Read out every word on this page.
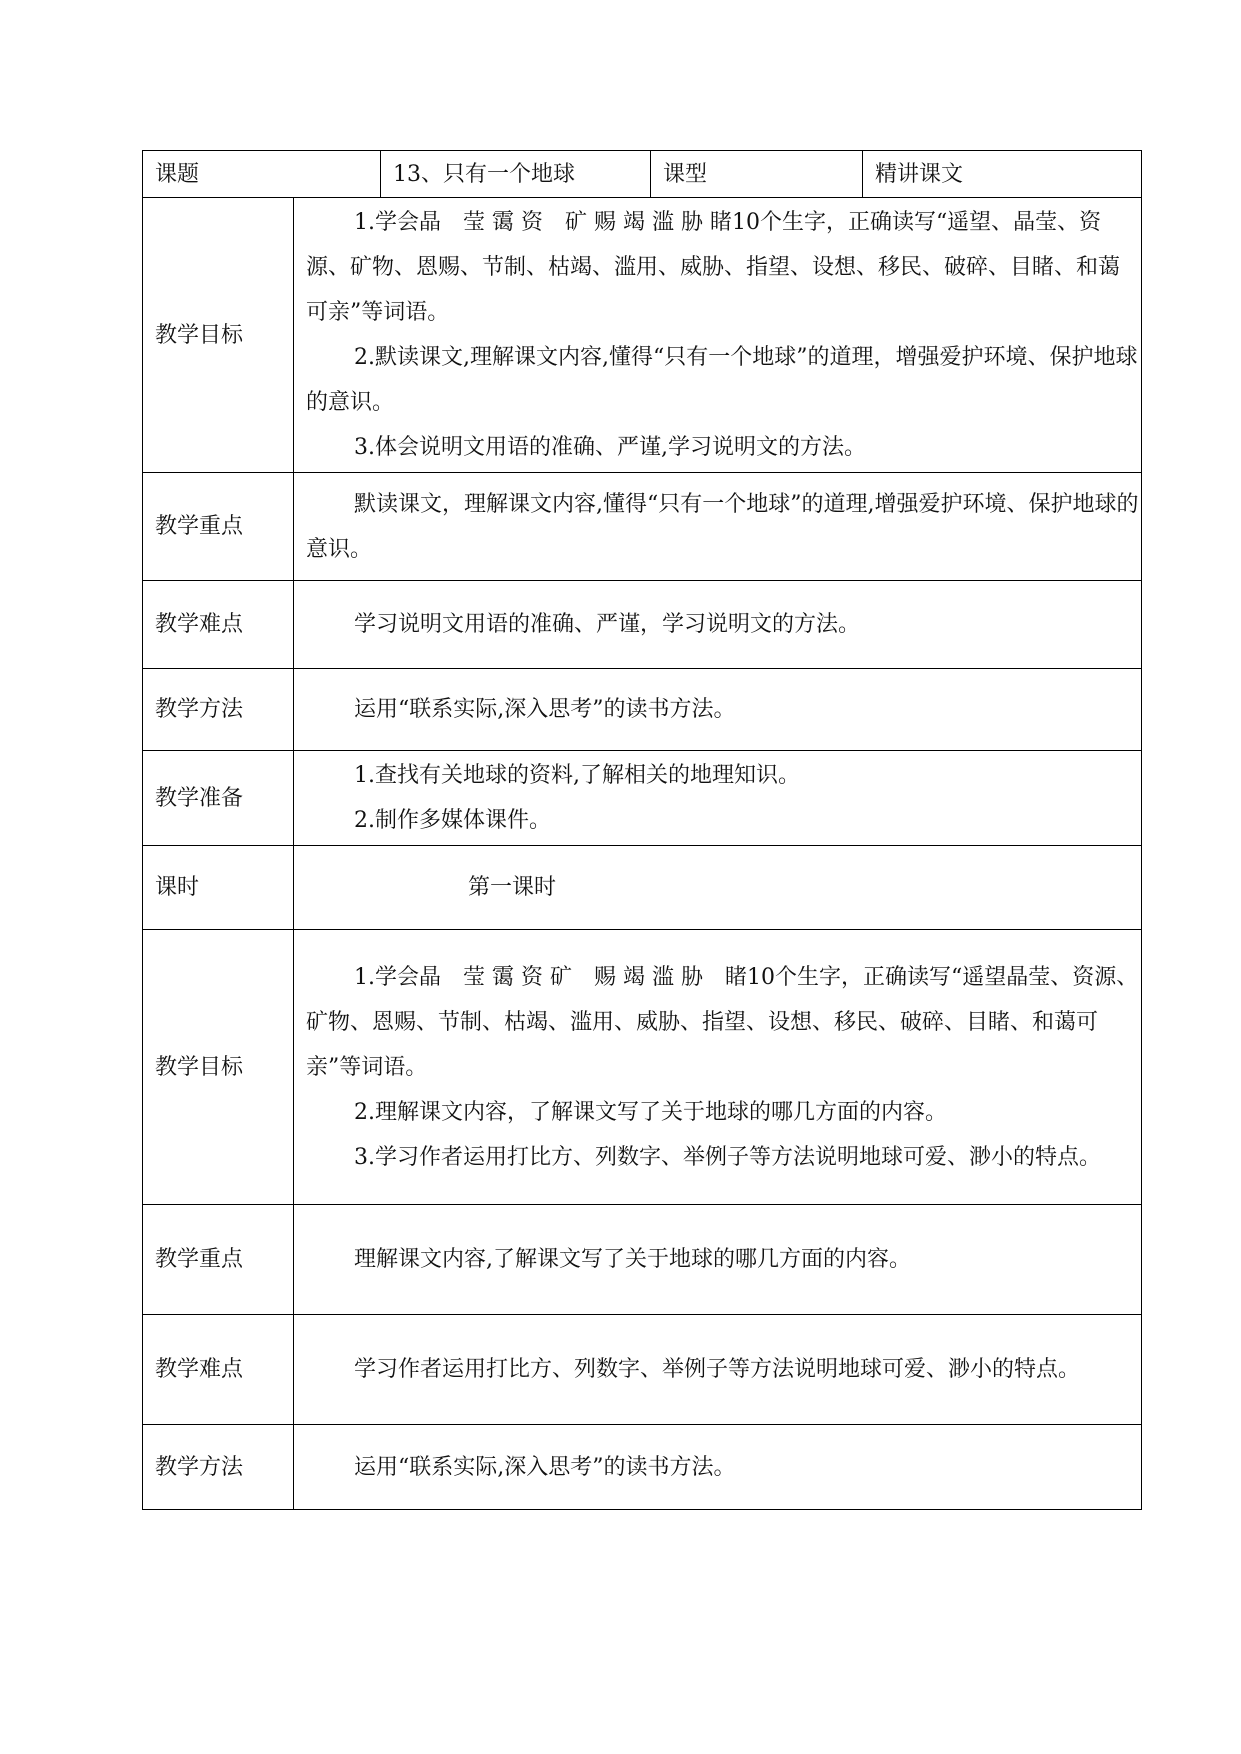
课题		13、只有一个地球	课型	精讲课文
教学目标	1.学会晶　莹 霭 资　矿 赐 竭 滥 胁 睹10个生字，正确读写“遥望、晶莹、资源、矿物、恩赐、节制、枯竭、滥用、威胁、指望、设想、移民、破碎、目睹、和蔼可亲”等词语。

2.默读课文,理解课文内容,懂得“只有一个地球”的道理，增强爱护环境、保护地球的意识。

3.体会说明文用语的准确、严谨,学习说明文的方法。			

教学重点	默读课文，理解课文内容,懂得“只有一个地球”的道理,增强爱护环境、保护地球的意识。			

教学难点	学习说明文用语的准确、严谨，学习说明文的方法。			

教学方法	运用“联系实际,深入思考”的读书方法。			

教学准备	1.查找有关地球的资料,了解相关的地理知识。

2.制作多媒体课件。			

课时	第一课时			

教学目标	1.学会晶　莹 霭 资 矿　赐 竭 滥 胁　睹10个生字，正确读写“遥望晶莹、资源、矿物、恩赐、节制、枯竭、滥用、威胁、指望、设想、移民、破碎、目睹、和蔼可亲”等词语。

2.理解课文内容，了解课文写了关于地球的哪几方面的内容。

3.学习作者运用打比方、列数字、举例子等方法说明地球可爱、渺小的特点。			

教学重点	理解课文内容,了解课文写了关于地球的哪几方面的内容。			

教学难点	学习作者运用打比方、列数字、举例子等方法说明地球可爱、渺小的特点。			

教学方法	运用“联系实际,深入思考”的读书方法。			
